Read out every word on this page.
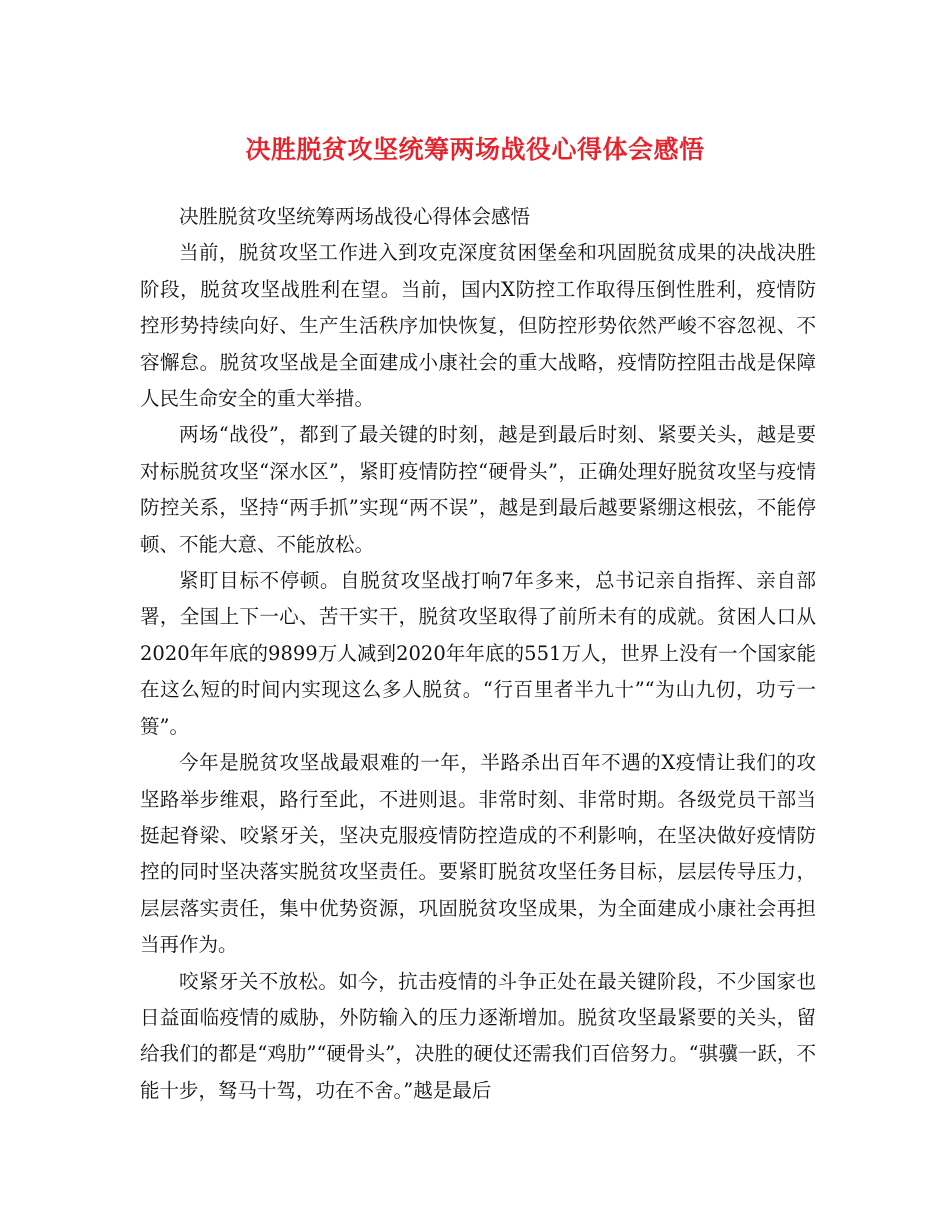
决胜脱贫攻坚统筹两场战役心得体会感悟

决胜脱贫攻坚统筹两场战役心得体会感悟

当前，脱贫攻坚工作进入到攻克深度贫困堡垒和巩固脱贫成果的决战决胜阶段，脱贫攻坚战胜利在望。当前，国内X防控工作取得压倒性胜利，疫情防控形势持续向好、生产生活秩序加快恢复，但防控形势依然严峻不容忽视、不容懈怠。脱贫攻坚战是全面建成小康社会的重大战略，疫情防控阻击战是保障人民生命安全的重大举措。

两场“战役”，都到了最关键的时刻，越是到最后时刻、紧要关头，越是要对标脱贫攻坚“深水区”，紧盯疫情防控“硬骨头”，正确处理好脱贫攻坚与疫情防控关系，坚持“两手抓”实现“两不误”，越是到最后越要紧绷这根弦，不能停顿、不能大意、不能放松。

紧盯目标不停顿。自脱贫攻坚战打响7年多来，总书记亲自指挥、亲自部署，全国上下一心、苦干实干，脱贫攻坚取得了前所未有的成就。贫困人口从2020年年底的9899万人减到2020年年底的551万人，世界上没有一个国家能在这么短的时间内实现这么多人脱贫。“行百里者半九十”“为山九仞，功亏一篑”。

今年是脱贫攻坚战最艰难的一年，半路杀出百年不遇的X疫情让我们的攻坚路举步维艰，路行至此，不进则退。非常时刻、非常时期。各级党员干部当挺起脊梁、咬紧牙关，坚决克服疫情防控造成的不利影响，在坚决做好疫情防控的同时坚决落实脱贫攻坚责任。要紧盯脱贫攻坚任务目标，层层传导压力，层层落实责任，集中优势资源，巩固脱贫攻坚成果，为全面建成小康社会再担当再作为。

咬紧牙关不放松。如今，抗击疫情的斗争正处在最关键阶段，不少国家也日益面临疫情的威胁，外防输入的压力逐渐增加。脱贫攻坚最紧要的关头，留给我们的都是“鸡肋”“硬骨头”，决胜的硬仗还需我们百倍努力。“骐骥一跃，不能十步，驽马十驾，功在不舍。”越是最后
